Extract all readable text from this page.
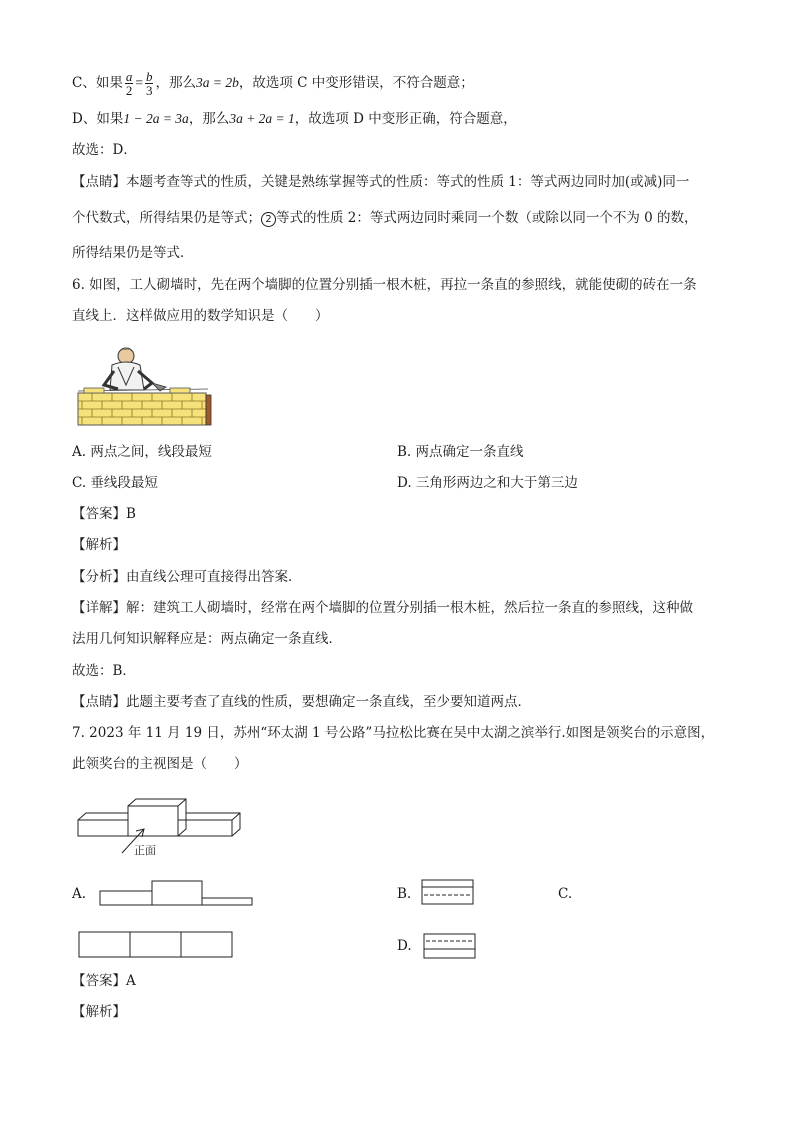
C、如果 $\frac{a}{2} = \frac{b}{3}$ ，那么3a = 2b，故选项 C 中变形错误，不符合题意；
D、如果1 − 2a = 3a，那么3a + 2a = 1，故选项 D 中变形正确，符合题意，
故选：D．
【点睛】本题考查等式的性质，关键是熟练掌握等式的性质：等式的性质 1：等式两边同时加(或减)同一
个代数式，所得结果仍是等式； 2 等式的性质 2：等式两边同时乘同一个数（或除以同一个不为 0 的数，
所得结果仍是等式．
6. 如图，工人砌墙时，先在两个墙脚的位置分别插一根木桩，再拉一条直的参照线，就能使砌的砖在一条
直线上．这样做应用的数学知识是（　　）
A. 两点之间，线段最短	B. 两点确定一条直线
C. 垂线段最短	D. 三角形两边之和大于第三边
【答案】B
【解析】
【分析】由直线公理可直接得出答案．
【详解】解：建筑工人砌墙时，经常在两个墙脚的位置分别插一根木桩，然后拉一条直的参照线，这种做
法用几何知识解释应是：两点确定一条直线．
故选：B．
【点睛】此题主要考查了直线的性质，要想确定一条直线，至少要知道两点．
7. 2023 年 11 月 19 日，苏州“环太湖 1 号公路”马拉松比赛在吴中太湖之滨举行.如图是领奖台的示意图，
此领奖台的主视图是（　　）
正面
A.	B.	C.
D.
【答案】A
【解析】
